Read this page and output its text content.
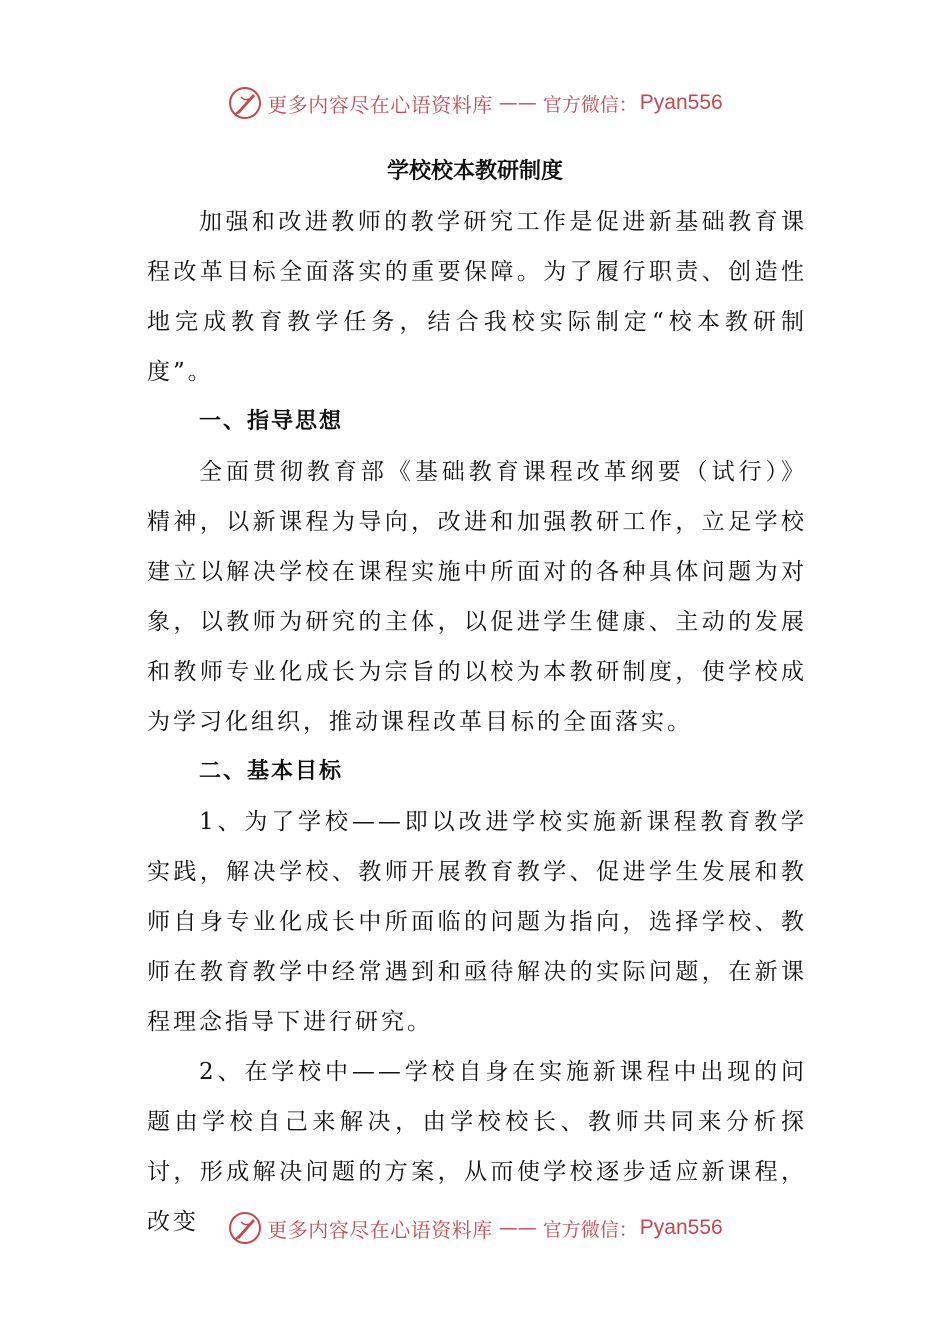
更多内容尽在心语资料库 —— 官方微信： Pyan556
学校校本教研制度

加强和改进教师的教学研究工作是促进新基础教育课程改革目标全面落实的重要保障。为了履行职责、创造性地完成教育教学任务，结合我校实际制定“校本教研制度”。

一、指导思想

全面贯彻教育部《基础教育课程改革纲要（试行）》精神，以新课程为导向，改进和加强教研工作，立足学校建立以解决学校在课程实施中所面对的各种具体问题为对象，以教师为研究的主体，以促进学生健康、主动的发展和教师专业化成长为宗旨的以校为本教研制度，使学校成为学习化组织，推动课程改革目标的全面落实。

二、基本目标

1、为了学校——即以改进学校实施新课程教育教学实践，解决学校、教师开展教育教学、促进学生发展和教师自身专业化成长中所面临的问题为指向，选择学校、教师在教育教学中经常遇到和亟待解决的实际问题，在新课程理念指导下进行研究。

2、在学校中——学校自身在实施新课程中出现的问题由学校自己来解决，由学校校长、教师共同来分析探讨，形成解决问题的方案，从而使学校逐步适应新课程，改变	更多内容尽在心语资料库 —— 官方微信： Pyan556
